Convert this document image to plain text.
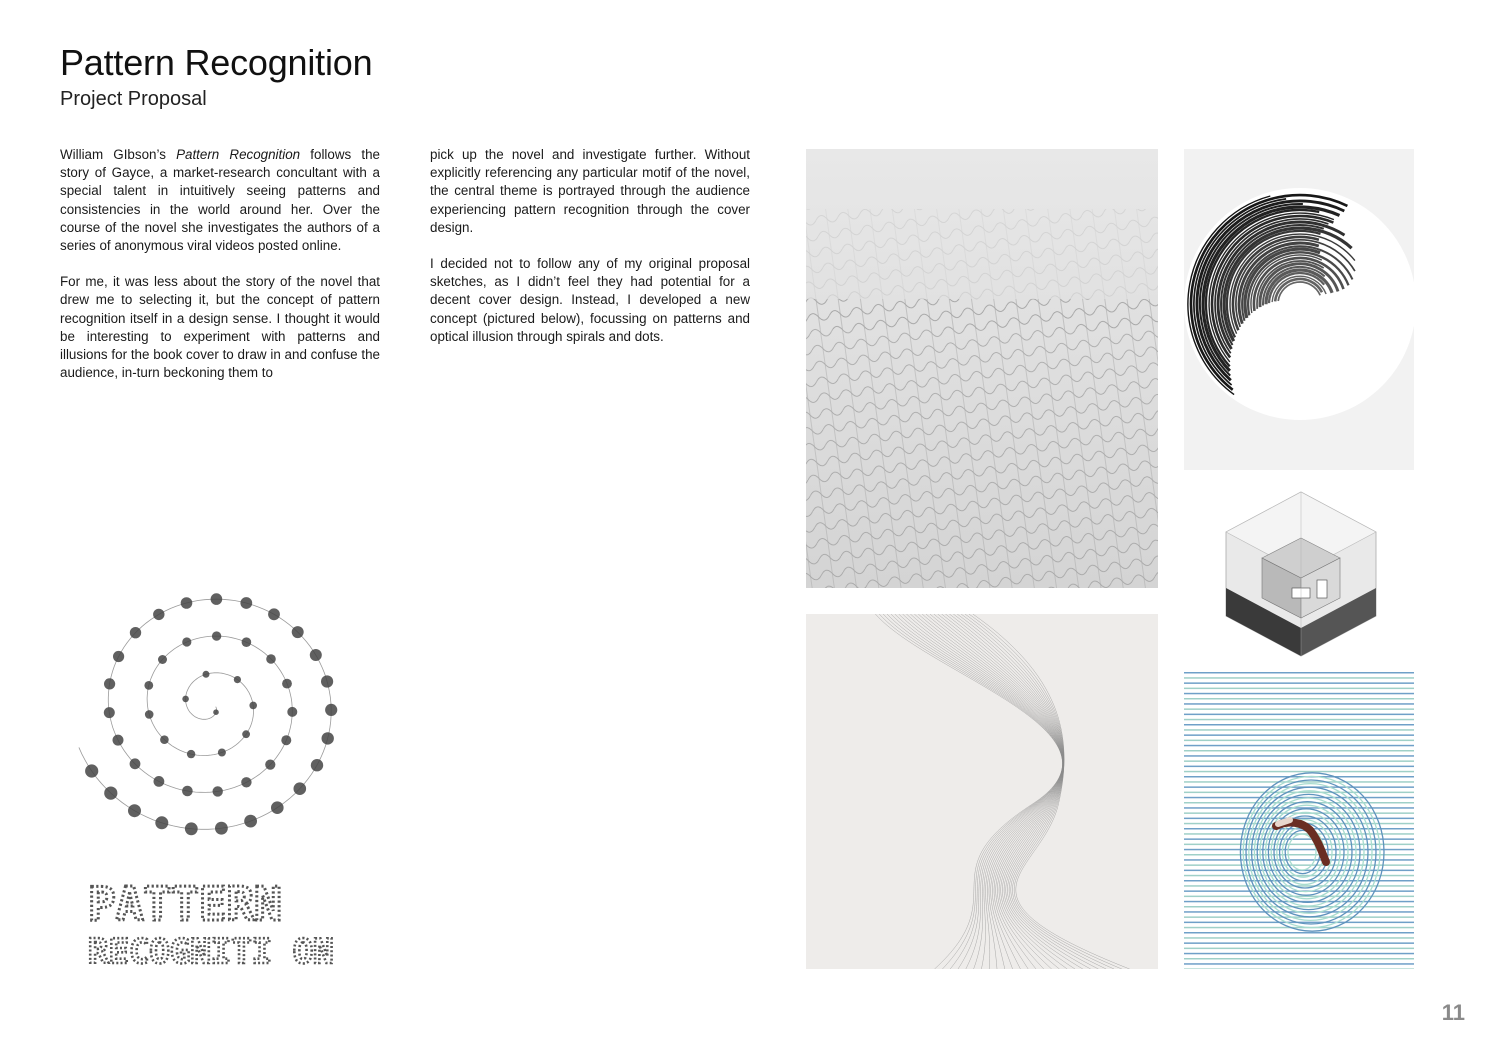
Pattern Recognition
Project Proposal

William GIbson’s Pattern Recognition follows the story of Gayce, a market-research concultant with a special talent in intuitively seeing patterns and consistencies in the world around her. Over the course of the novel she investigates the authors of a series of anonymous viral videos posted online.

For me, it was less about the story of the novel that drew me to selecting it, but the concept of pattern recognition itself in a design sense. I thought it would be interesting to experiment with patterns and illusions for the book cover to draw in and confuse the audience, in-turn beckoning them to

pick up the novel and investigate further. Without explicitly referencing any particular motif of the novel, the central theme is portrayed through the audience experiencing pattern recognition through the cover design.

I decided not to follow any of my original proposal sketches, as I didn’t feel they had potential for a decent cover design. Instead, I developed a new concept (pictured below), focussing on patterns and optical illusion through spirals and dots.

PATTERN
RECOGNITI ON
11
